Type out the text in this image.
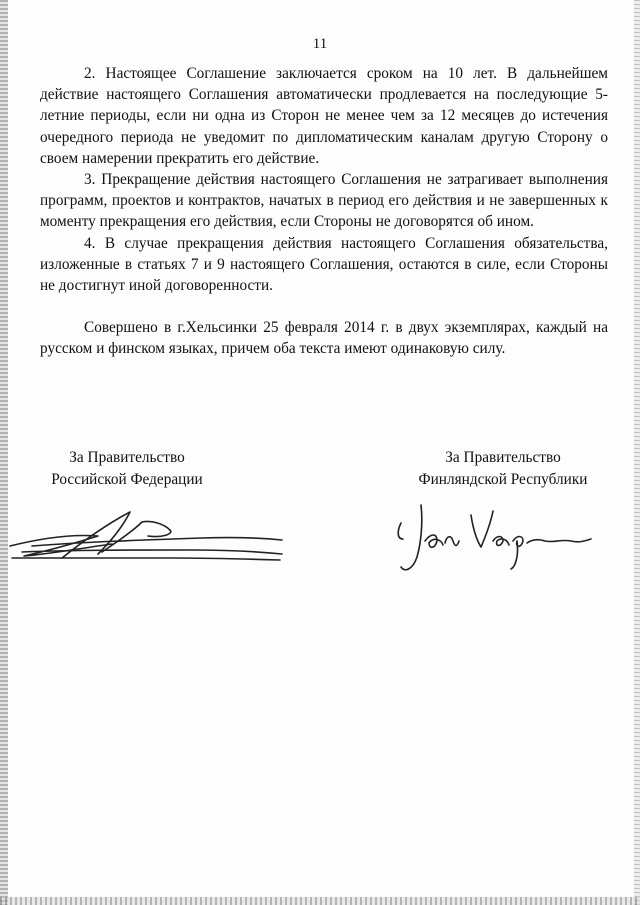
11

2. Настоящее Соглашение заключается сроком на 10 лет. В дальнейшем действие настоящего Соглашения автоматически продлевается на последующие 5-летние периоды, если ни одна из Сторон не менее чем за 12 месяцев до истечения очередного периода не уведомит по дипломатическим каналам другую Сторону о своем намерении прекратить его действие.

3. Прекращение действия настоящего Соглашения не затрагивает выполнения программ, проектов и контрактов, начатых в период его действия и не завершенных к моменту прекращения его действия, если Стороны не договорятся об ином.

4. В случае прекращения действия настоящего Соглашения обязательства, изложенные в статьях 7 и 9 настоящего Соглашения, остаются в силе, если Стороны не достигнут иной договоренности.

Совершено в г.Хельсинки 25 февраля 2014 г. в двух экземплярах, каждый на русском и финском языках, причем оба текста имеют одинаковую силу.

За Правительство
Российской Федерации
За Правительство
Финляндской Республики
